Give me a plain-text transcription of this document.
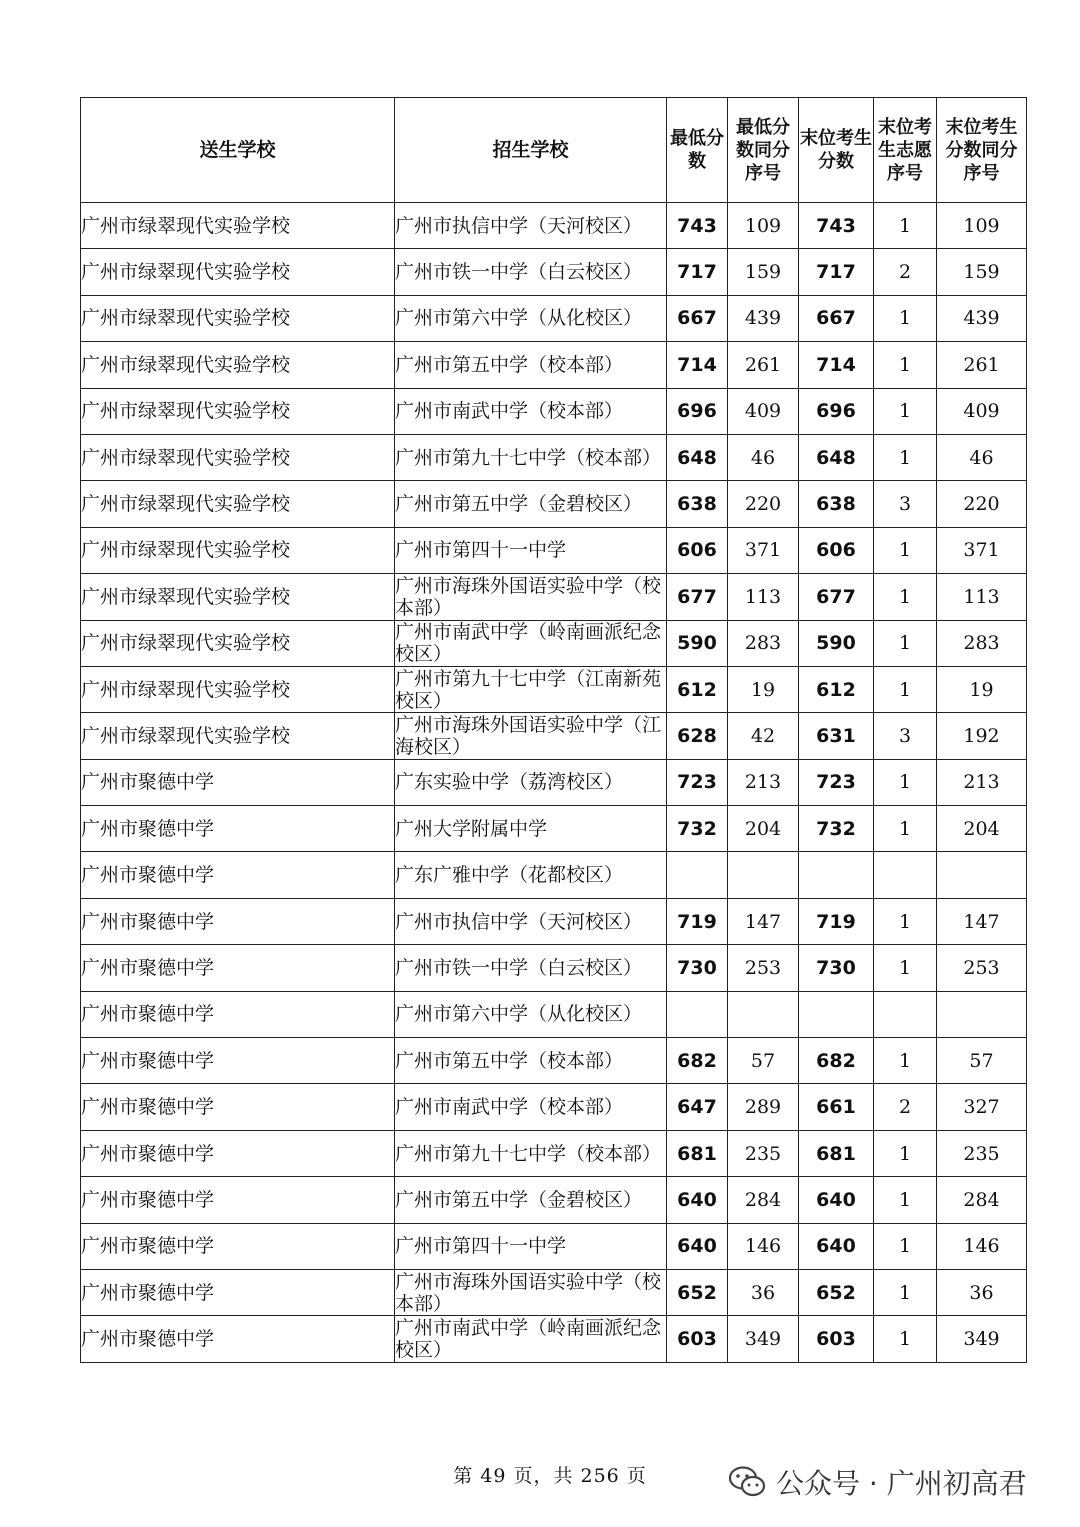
送生学校	招生学校	最低分数	最低分数同分序号	末位考生分数	末位考生志愿序号	末位考生分数同分序号
广州市绿翠现代实验学校	广州市执信中学（天河校区）	743	109	743	1	109
广州市绿翠现代实验学校	广州市铁一中学（白云校区）	717	159	717	2	159
广州市绿翠现代实验学校	广州市第六中学（从化校区）	667	439	667	1	439
广州市绿翠现代实验学校	广州市第五中学（校本部）	714	261	714	1	261
广州市绿翠现代实验学校	广州市南武中学（校本部）	696	409	696	1	409
广州市绿翠现代实验学校	广州市第九十七中学（校本部）	648	46	648	1	46
广州市绿翠现代实验学校	广州市第五中学（金碧校区）	638	220	638	3	220
广州市绿翠现代实验学校	广州市第四十一中学	606	371	606	1	371
广州市绿翠现代实验学校	广州市海珠外国语实验中学（校本部）	677	113	677	1	113
广州市绿翠现代实验学校	广州市南武中学（岭南画派纪念校区）	590	283	590	1	283
广州市绿翠现代实验学校	广州市第九十七中学（江南新苑校区）	612	19	612	1	19
广州市绿翠现代实验学校	广州市海珠外国语实验中学（江海校区）	628	42	631	3	192
广州市聚德中学	广东实验中学（荔湾校区）	723	213	723	1	213
广州市聚德中学	广州大学附属中学	732	204	732	1	204
广州市聚德中学	广东广雅中学（花都校区）					
广州市聚德中学	广州市执信中学（天河校区）	719	147	719	1	147
广州市聚德中学	广州市铁一中学（白云校区）	730	253	730	1	253
广州市聚德中学	广州市第六中学（从化校区）					
广州市聚德中学	广州市第五中学（校本部）	682	57	682	1	57
广州市聚德中学	广州市南武中学（校本部）	647	289	661	2	327
广州市聚德中学	广州市第九十七中学（校本部）	681	235	681	1	235
广州市聚德中学	广州市第五中学（金碧校区）	640	284	640	1	284
广州市聚德中学	广州市第四十一中学	640	146	640	1	146
广州市聚德中学	广州市海珠外国语实验中学（校本部）	652	36	652	1	36
广州市聚德中学	广州市南武中学（岭南画派纪念校区）	603	349	603	1	349
第 49 页，共 256 页	公众号 · 广州初高君
